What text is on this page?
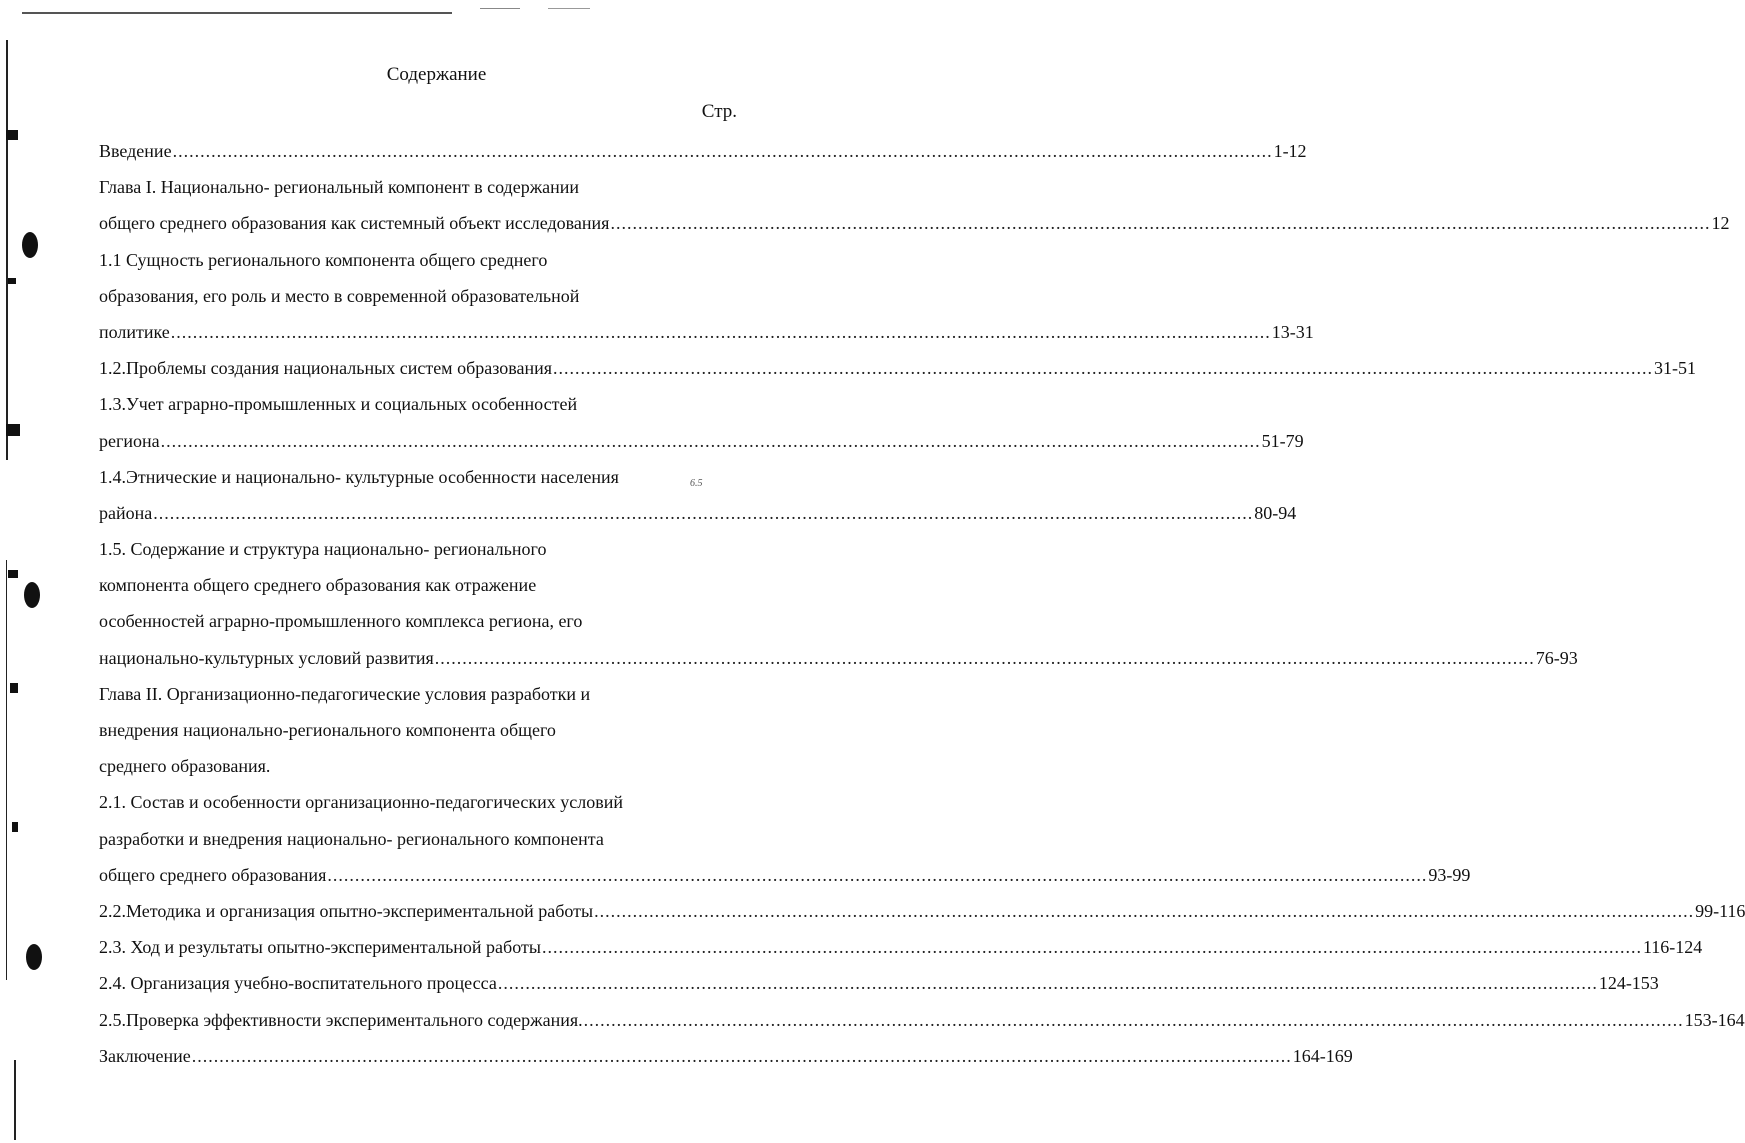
Содержание
Стр.
6.5
Введение ........................................................................................................................................................................................................ 1-12
Глава I. Национально- региональный компонент в содержании
общего среднего образования как системный объект исследования ........................................................................................................................................................................................................ 12
1.1 Сущность регионального компонента общего среднего
образования, его роль и место в современной образовательной
политике ........................................................................................................................................................................................................ 13-31
1.2.Проблемы создания национальных систем образования ........................................................................................................................................................................................................ 31-51
1.3.Учет аграрно-промышленных и социальных особенностей
региона ........................................................................................................................................................................................................ 51-79
1.4.Этнические и национально- культурные особенности населения
района ........................................................................................................................................................................................................ 80-94
1.5. Содержание и структура национально- регионального
компонента общего среднего образования как отражение
особенностей аграрно-промышленного комплекса региона, его
национально-культурных условий развития ........................................................................................................................................................................................................ 76-93
Глава II. Организационно-педагогические условия разработки и
внедрения национально-регионального компонента общего
среднего образования.
2.1. Состав и особенности организационно-педагогических условий
разработки и внедрения национально- регионального компонента
общего среднего образования ........................................................................................................................................................................................................ 93-99
2.2.Методика и организация опытно-экспериментальной работы ........................................................................................................................................................................................................ 99-116
2.3. Ход и результаты опытно-экспериментальной работы ........................................................................................................................................................................................................ 116-124
2.4. Организация учебно-воспитательного процесса ........................................................................................................................................................................................................ 124-153
2.5.Проверка эффективности экспериментального содержания. ........................................................................................................................................................................................................ 153-164
Заключение ........................................................................................................................................................................................................ 164-169
